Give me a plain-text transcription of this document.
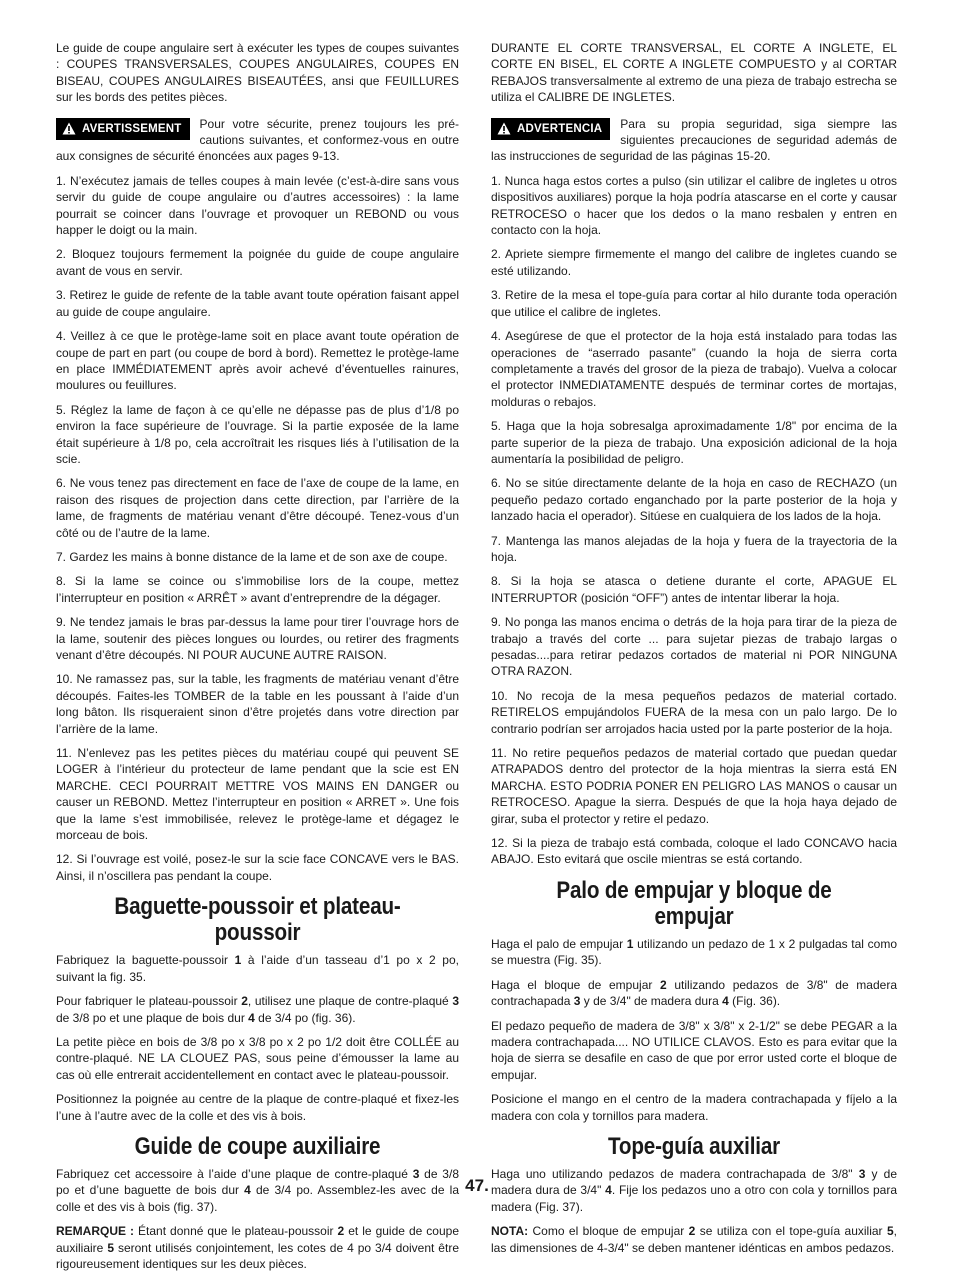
Le guide de coupe angulaire sert à exécuter les types de coupes suivantes : COUPES TRANSVERSALES, COUPES ANGULAIRES, COUPES EN BISEAU, COUPES ANGULAIRES BISEAUTÉES, ansi que FEUILLURES sur les bords des petites pièces.

AVERTISSEMENT Pour votre sécurite, prenez toujours les pré-cautions suivantes, et conformez-vous en outre aux consignes de sécurité énoncées aux pages 9-13.

1. N’exécutez jamais de telles coupes à main levée (c’est-à-dire sans vous servir du guide de coupe angulaire ou d’autres accessoires) : la lame pourrait se coincer dans l’ouvrage et provoquer un REBOND ou vous happer le doigt ou la main.

2. Bloquez toujours fermement la poignée du guide de coupe angulaire avant de vous en servir.

3. Retirez le guide de refente de la table avant toute opération faisant appel au guide de coupe angulaire.

4. Veillez à ce que le protège-lame soit en place avant toute opération de coupe de part en part (ou coupe de bord à bord). Remettez le protège-lame en place IMMÉDIATEMENT après avoir achevé d’éventuelles rainures, moulures ou feuillures.

5. Réglez la lame de façon à ce qu’elle ne dépasse pas de plus d’1/8 po environ la face supérieure de l’ouvrage. Si la partie exposée de la lame était supérieure à 1/8 po, cela accroîtrait les risques liés à l’utilisation de la scie.

6. Ne vous tenez pas directement en face de l’axe de coupe de la lame, en raison des risques de projection dans cette direction, par l’arrière de la lame, de fragments de matériau venant d’être découpé. Tenez-vous d’un côté ou de l’autre de la lame.

7. Gardez les mains à bonne distance de la lame et de son axe de coupe.

8. Si la lame se coince ou s’immobilise lors de la coupe, mettez l’interrupteur en position « ARRÊT » avant d’entreprendre de la dégager.

9. Ne tendez jamais le bras par-dessus la lame pour tirer l’ouvrage hors de la lame, soutenir des pièces longues ou lourdes, ou retirer des fragments venant d’être découpés. NI POUR AUCUNE AUTRE RAISON.

10. Ne ramassez pas, sur la table, les fragments de matériau venant d’être découpés. Faites-les TOMBER de la table en les poussant à l’aide d’un long bâton. Ils risqueraient sinon d’être projetés dans votre direction par l’arrière de la lame.

11. N’enlevez pas les petites pièces du matériau coupé qui peuvent SE LOGER à l’intérieur du protecteur de lame pendant que la scie est EN MARCHE. CECI POURRAIT METTRE VOS MAINS EN DANGER ou causer un REBOND. Mettez l’interrupteur en position « ARRET ». Une fois que la lame s’est immobilisée, relevez le protège-lame et dégagez le morceau de bois.

12. Si l’ouvrage est voilé, posez-le sur la scie face CONCAVE vers le BAS. Ainsi, il n’oscillera pas pendant la coupe.

Baguette-poussoir et plateau-poussoir

Fabriquez la baguette-poussoir 1 à l’aide d’un tasseau d’1 po x 2 po, suivant la fig. 35.

Pour fabriquer le plateau-poussoir 2, utilisez une plaque de contre-plaqué 3 de 3/8 po et une plaque de bois dur 4 de 3/4 po (fig. 36).

La petite pièce en bois de 3/8 po x 3/8 po x 2 po 1/2 doit être COLLÉE au contre-plaqué. NE LA CLOUEZ PAS, sous peine d’émousser la lame au cas où elle entrerait accidentellement en contact avec le plateau-poussoir.

Positionnez la poignée au centre de la plaque de contre-plaqué et fixez-les l’une à l’autre avec de la colle et des vis à bois.

Guide de coupe auxiliaire

Fabriquez cet accessoire à l’aide d’une plaque de contre-plaqué 3 de 3/8 po et d’une baguette de bois dur 4 de 3/4 po. Assemblez-les avec de la colle et des vis à bois (fig. 37).

REMARQUE : Étant donné que le plateau-poussoir 2 et le guide de coupe auxiliaire 5 seront utilisés conjointement, les cotes de 4 po 3/4 doivent être rigoureusement identiques sur les deux pièces.

DURANTE EL CORTE TRANSVERSAL, EL CORTE A INGLETE, EL CORTE EN BISEL, EL CORTE A INGLETE COMPUESTO y al CORTAR REBAJOS transversalmente al extremo de una pieza de trabajo estrecha se utiliza el CALIBRE DE INGLETES.

ADVERTENCIA Para su propia seguridad, siga siempre las siguientes precauciones de seguridad además de las instrucciones de seguridad de las páginas 15-20.

1. Nunca haga estos cortes a pulso (sin utilizar el calibre de ingletes u otros dispositivos auxiliares) porque la hoja podría atascarse en el corte y causar RETROCESO o hacer que los dedos o la mano resbalen y entren en contacto con la hoja.

2. Apriete siempre firmemente el mango del calibre de ingletes cuando se esté utilizando.

3. Retire de la mesa el tope-guía para cortar al hilo durante toda operación que utilice el calibre de ingletes.

4. Asegúrese de que el protector de la hoja está instalado para todas las operaciones de “aserrado pasante” (cuando la hoja de sierra corta completamente a través del grosor de la pieza de trabajo). Vuelva a colocar el protector INMEDIATAMENTE después de terminar cortes de mortajas, molduras o rebajos.

5. Haga que la hoja sobresalga aproximadamente 1/8" por encima de la parte superior de la pieza de trabajo. Una exposición adicional de la hoja aumentaría la posibilidad de peligro.

6. No se sitúe directamente delante de la hoja en caso de RECHAZO (un pequeño pedazo cortado enganchado por la parte posterior de la hoja y lanzado hacia el operador). Sitúese en cualquiera de los lados de la hoja.

7. Mantenga las manos alejadas de la hoja y fuera de la trayectoria de la hoja.

8. Si la hoja se atasca o detiene durante el corte, APAGUE EL INTERRUPTOR (posición “OFF”) antes de intentar liberar la hoja.

9. No ponga las manos encima o detrás de la hoja para tirar de la pieza de trabajo a través del corte ... para sujetar piezas de trabajo largas o pesadas....para retirar pedazos cortados de material ni POR NINGUNA OTRA RAZON.

10. No recoja de la mesa pequeños pedazos de material cortado. RETIRELOS empujándolos FUERA de la mesa con un palo largo. De lo contrario podrían ser arrojados hacia usted por la parte posterior de la hoja.

11. No retire pequeños pedazos de material cortado que puedan quedar ATRAPADOS dentro del protector de la hoja mientras la sierra está EN MARCHA. ESTO PODRIA PONER EN PELIGRO LAS MANOS o causar un RETROCESO. Apague la sierra. Después de que la hoja haya dejado de girar, suba el protector y retire el pedazo.

12. Si la pieza de trabajo está combada, coloque el lado CONCAVO hacia ABAJO. Esto evitará que oscile mientras se está cortando.

Palo de empujar y bloque de empujar

Haga el palo de empujar 1 utilizando un pedazo de 1 x 2 pulgadas tal como se muestra (Fig. 35).

Haga el bloque de empujar 2 utilizando pedazos de 3/8" de madera contrachapada 3 y de 3/4" de madera dura 4 (Fig. 36).

El pedazo pequeño de madera de 3/8" x 3/8" x 2-1/2" se debe PEGAR a la madera contrachapada.... NO UTILICE CLAVOS. Esto es para evitar que la hoja de sierra se desafile en caso de que por error usted corte el bloque de empujar.

Posicione el mango en el centro de la madera contrachapada y fíjelo a la madera con cola y tornillos para madera.

Tope-guía auxiliar

Haga uno utilizando pedazos de madera contrachapada de 3/8" 3 y de madera dura de 3/4" 4. Fije los pedazos uno a otro con cola y tornillos para madera (Fig. 37).

NOTA: Como el bloque de empujar 2 se utiliza con el tope-guía auxiliar 5, las dimensiones de 4-3/4" se deben mantener idénticas en ambos pedazos.

47.
